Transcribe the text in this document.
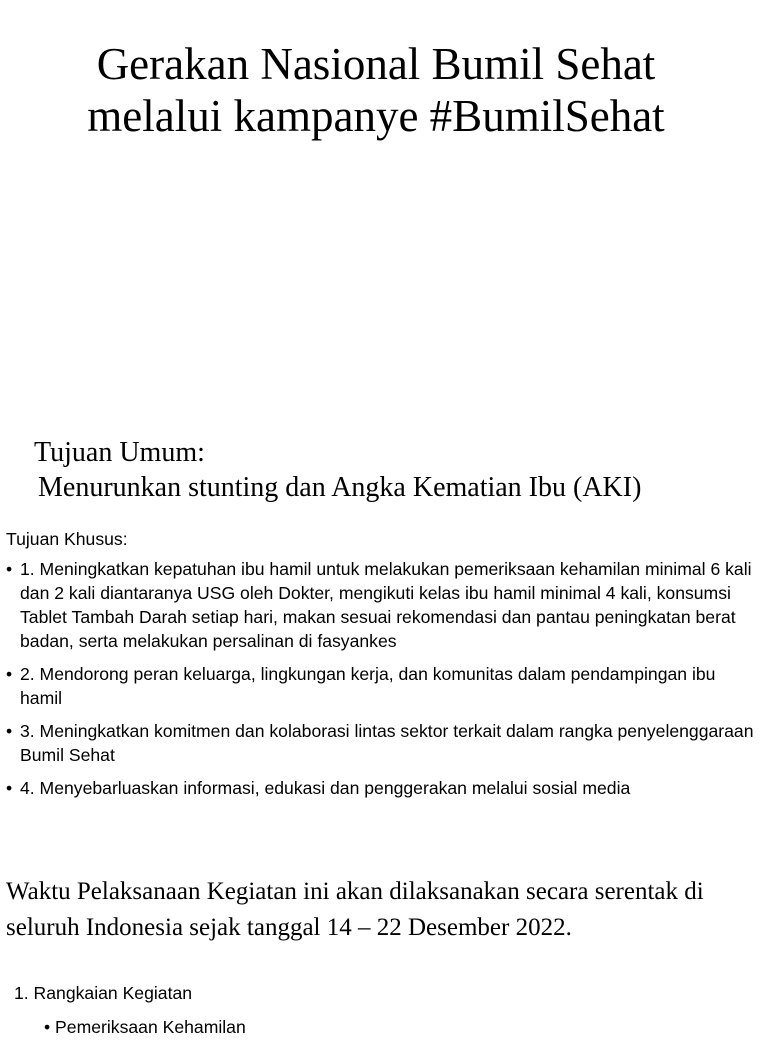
Gerakan Nasional Bumil Sehat
melalui kampanye #BumilSehat
Tujuan Umum:
Menurunkan stunting dan Angka Kematian Ibu (AKI)
Tujuan Khusus:
• 1. Meningkatkan kepatuhan ibu hamil untuk melakukan pemeriksaan kehamilan minimal 6 kali dan 2 kali diantaranya USG oleh Dokter, mengikuti kelas ibu hamil minimal 4 kali, konsumsi Tablet Tambah Darah setiap hari, makan sesuai rekomendasi dan pantau peningkatan berat badan, serta melakukan persalinan di fasyankes
• 2. Mendorong peran keluarga, lingkungan kerja, dan komunitas dalam pendampingan ibu hamil
• 3. Meningkatkan komitmen dan kolaborasi lintas sektor terkait dalam rangka penyelenggaraan Bumil Sehat
• 4. Menyebarluaskan informasi, edukasi dan penggerakan melalui sosial media
Waktu Pelaksanaan Kegiatan ini akan dilaksanakan secara serentak di seluruh Indonesia sejak tanggal 14 – 22 Desember 2022.
1. Rangkaian Kegiatan
• Pemeriksaan Kehamilan
